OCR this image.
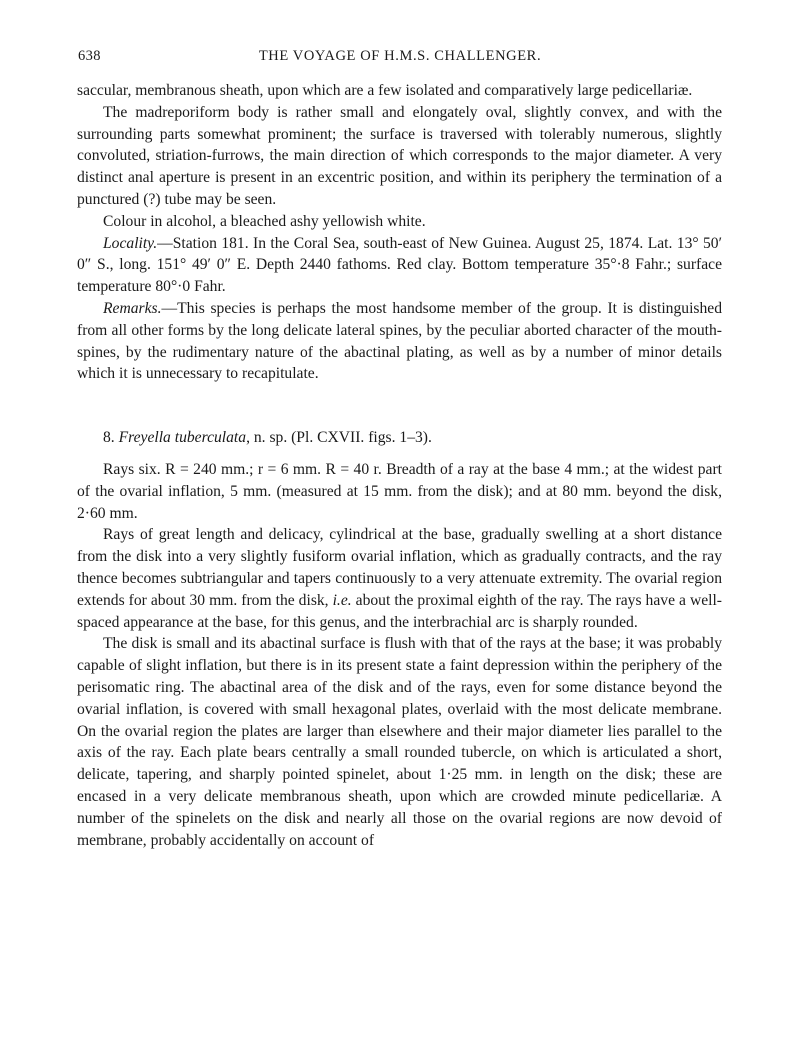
638	THE VOYAGE OF H.M.S. CHALLENGER.

saccular, membranous sheath, upon which are a few isolated and comparatively large pedicellariæ.

The madreporiform body is rather small and elongately oval, slightly convex, and with the surrounding parts somewhat prominent; the surface is traversed with tolerably numerous, slightly convoluted, striation-furrows, the main direction of which corresponds to the major diameter. A very distinct anal aperture is present in an excentric position, and within its periphery the termination of a punctured (?) tube may be seen.

Colour in alcohol, a bleached ashy yellowish white.

Locality.—Station 181. In the Coral Sea, south-east of New Guinea. August 25, 1874. Lat. 13° 50′ 0″ S., long. 151° 49′ 0″ E. Depth 2440 fathoms. Red clay. Bottom temperature 35°·8 Fahr.; surface temperature 80°·0 Fahr.

Remarks.—This species is perhaps the most handsome member of the group. It is distinguished from all other forms by the long delicate lateral spines, by the peculiar aborted character of the mouth-spines, by the rudimentary nature of the abactinal plating, as well as by a number of minor details which it is unnecessary to recapitulate.

8. Freyella tuberculata, n. sp. (Pl. CXVII. figs. 1–3).

Rays six. R = 240 mm.; r = 6 mm. R = 40 r. Breadth of a ray at the base 4 mm.; at the widest part of the ovarial inflation, 5 mm. (measured at 15 mm. from the disk); and at 80 mm. beyond the disk, 2·60 mm.

Rays of great length and delicacy, cylindrical at the base, gradually swelling at a short distance from the disk into a very slightly fusiform ovarial inflation, which as gradually contracts, and the ray thence becomes subtriangular and tapers continuously to a very attenuate extremity. The ovarial region extends for about 30 mm. from the disk, i.e. about the proximal eighth of the ray. The rays have a well-spaced appearance at the base, for this genus, and the interbrachial arc is sharply rounded.

The disk is small and its abactinal surface is flush with that of the rays at the base; it was probably capable of slight inflation, but there is in its present state a faint depression within the periphery of the perisomatic ring. The abactinal area of the disk and of the rays, even for some distance beyond the ovarial inflation, is covered with small hexagonal plates, overlaid with the most delicate membrane. On the ovarial region the plates are larger than elsewhere and their major diameter lies parallel to the axis of the ray. Each plate bears centrally a small rounded tubercle, on which is articulated a short, delicate, tapering, and sharply pointed spinelet, about 1·25 mm. in length on the disk; these are encased in a very delicate membranous sheath, upon which are crowded minute pedicellariæ. A number of the spinelets on the disk and nearly all those on the ovarial regions are now devoid of membrane, probably accidentally on account of
